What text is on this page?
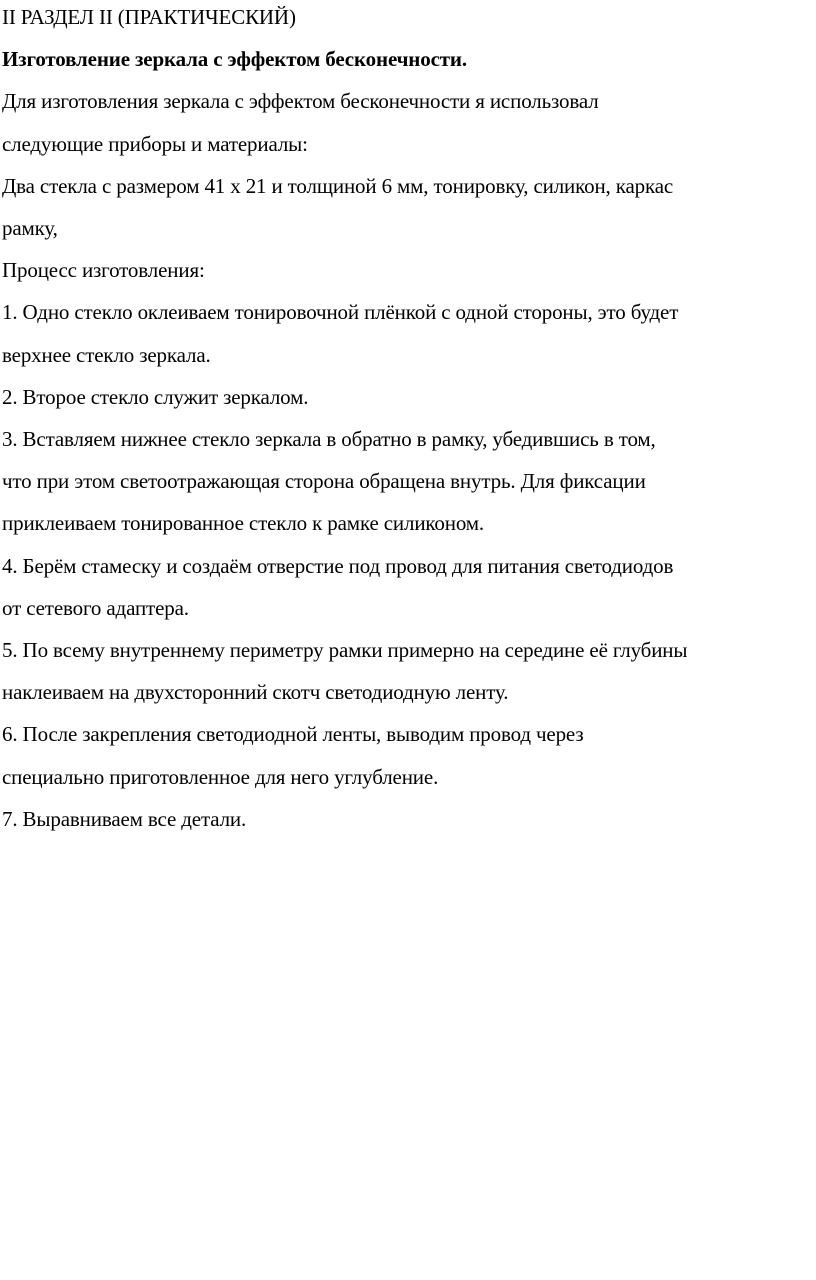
II РАЗДЕЛ II (ПРАКТИЧЕСКИЙ)

Изготовление зеркала с эффектом бесконечности.

Для изготовления зеркала с эффектом бесконечности я использовал

следующие приборы и материалы:

Два стекла с размером 41 х 21 и толщиной 6 мм, тонировку, силикон, каркас

рамку,

Процесс изготовления:

1. Одно стекло оклеиваем тонировочной плёнкой с одной стороны, это будет

верхнее стекло зеркала.

2. Второе стекло служит зеркалом.

3. Вставляем нижнее стекло зеркала в обратно в рамку, убедившись в том,

что при этом светоотражающая сторона обращена внутрь. Для фиксации

приклеиваем тонированное стекло к рамке силиконом.

4. Берём стамеску и создаём отверстие под провод для питания светодиодов

от сетевого адаптера.

5. По всему внутреннему периметру рамки примерно на середине её глубины

наклеиваем на двухсторонний скотч светодиодную ленту.

6. После закрепления светодиодной ленты, выводим провод через

специально приготовленное для него углубление.

7. Выравниваем все детали.
